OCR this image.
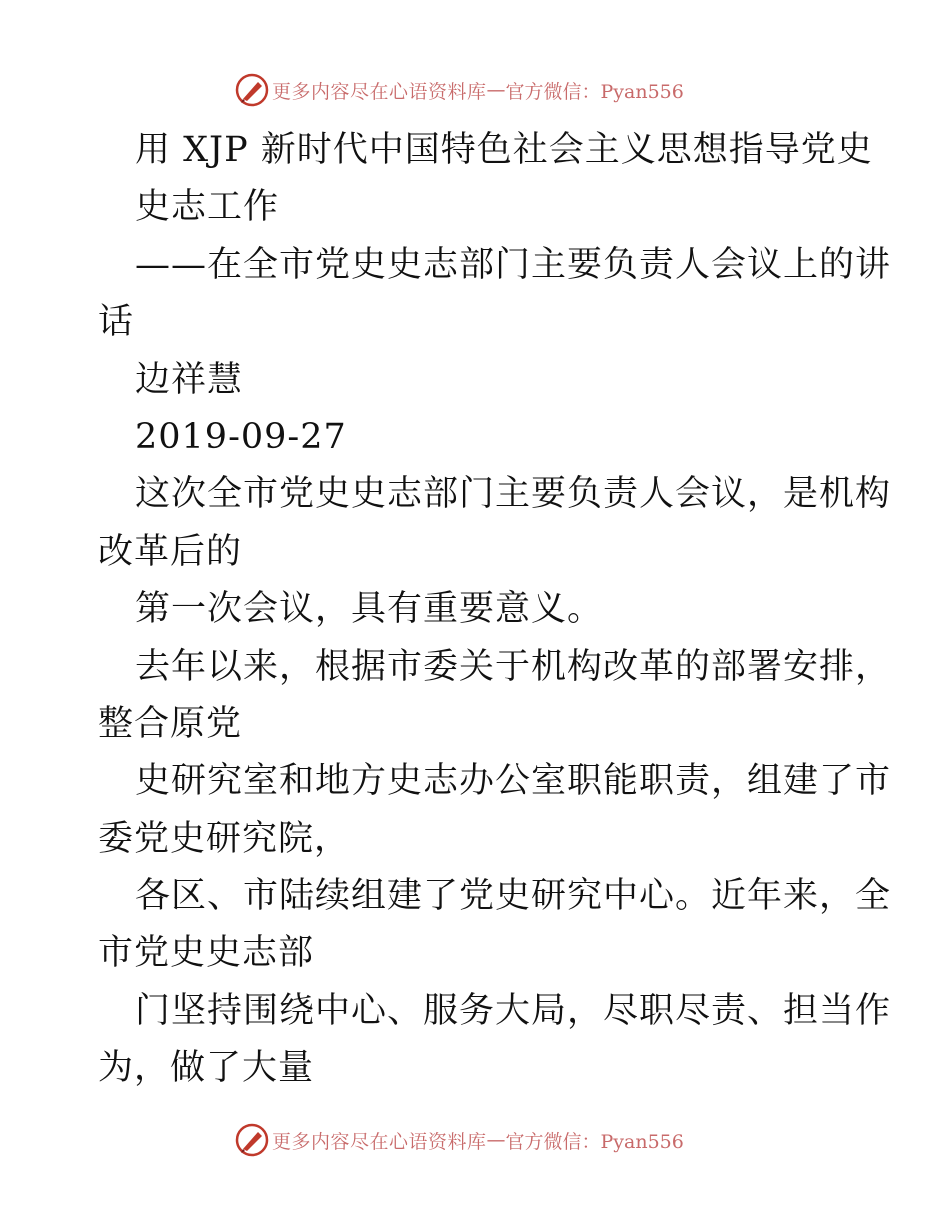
更多内容尽在心语资料库 — 官方微信：Pyan556
用 XJP 新时代中国特色社会主义思想指导党史
史志工作
——在全市党史史志部门主要负责人会议上的讲
话
边祥慧
2019-09-27
这次全市党史史志部门主要负责人会议，是机构
改革后的
第一次会议，具有重要意义。
去年以来，根据市委关于机构改革的部署安排，
整合原党
史研究室和地方史志办公室职能职责，组建了市
委党史研究院，
各区、市陆续组建了党史研究中心。近年来，全
市党史史志部
门坚持围绕中心、服务大局，尽职尽责、担当作
为，做了大量
更多内容尽在心语资料库 — 官方微信：Pyan556
